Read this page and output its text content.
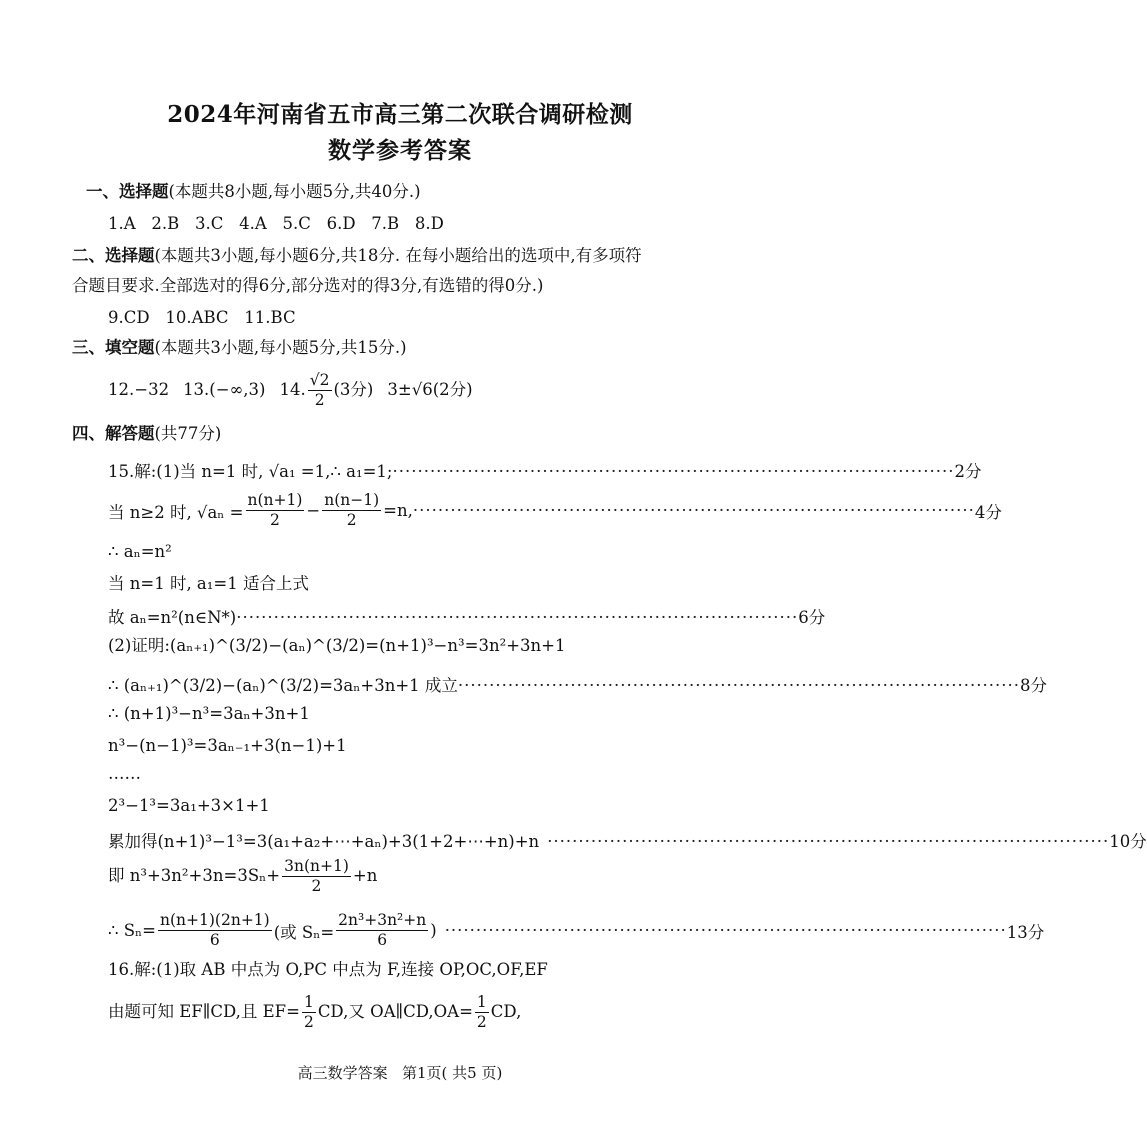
2024年河南省五市高三第二次联合调研检测
数学参考答案
一、选择题(本题共8小题,每小题5分,共40分.)
1.A   2.B   3.C   4.A   5.C   6.D   7.B   8.D
二、选择题(本题共3小题,每小题6分,共18分. 在每小题给出的选项中,有多项符
合题目要求.全部选对的得6分,部分选对的得3分,有选错的得0分.)
9.CD   10.ABC   11.BC
三、填空题(本题共3小题,每小题5分,共15分.)
12.−32 13.(−∞,3) 14. $\frac{√2}{2} (3$分) 3±√6(2分)
四、解答题(共77分)
15.解:(1)当 n=1 时, √a₁ =1,∴ a₁=1; ·························································································· 2分
当 n≥2 时, $√a_n = \frac{n(n+1)}{2} - \frac{n(n-1)}{2} =n$, ·························································································· 4分
∴ aₙ=n²
当 n=1 时, a₁=1 适合上式
故 aₙ=n²(n∈N*) ·························································································· 6分
(2)证明:(aₙ₊₁)^(3/2)−(aₙ)^(3/2)=(n+1)³−n³=3n²+3n+1
∴ (aₙ₊₁)^(3/2)−(aₙ)^(3/2)=3aₙ+3n+1 成立 ·························································································· 8分
∴ (n+1)³−n³=3aₙ+3n+1
n³−(n−1)³=3aₙ₋₁+3(n−1)+1
……
2³−1³=3a₁+3×1+1
累加得(n+1)³−1³=3(a₁+a₂+⋯+aₙ)+3(1+2+⋯+n)+n ·························································································· 10分
即 $n^3+3n^2+3n=3S_n+ \frac{3n(n+1)}{2} +n$
∴ $S_n= \frac{n(n+1)(2n+1)}{6}$ (或 $S_n= \frac{\text{2n³+3n²+n}}{6}$ ) ·························································································· 13分
16.解:(1)取 AB 中点为 O,PC 中点为 F,连接 OP,OC,OF,EF
由题可知 EF∥CD,且 $EF= \frac{1}{2}$ CD,又 OA∥CD,OA= $\frac{1}{2}$ CD,
高三数学答案   第1页( 共5 页)
